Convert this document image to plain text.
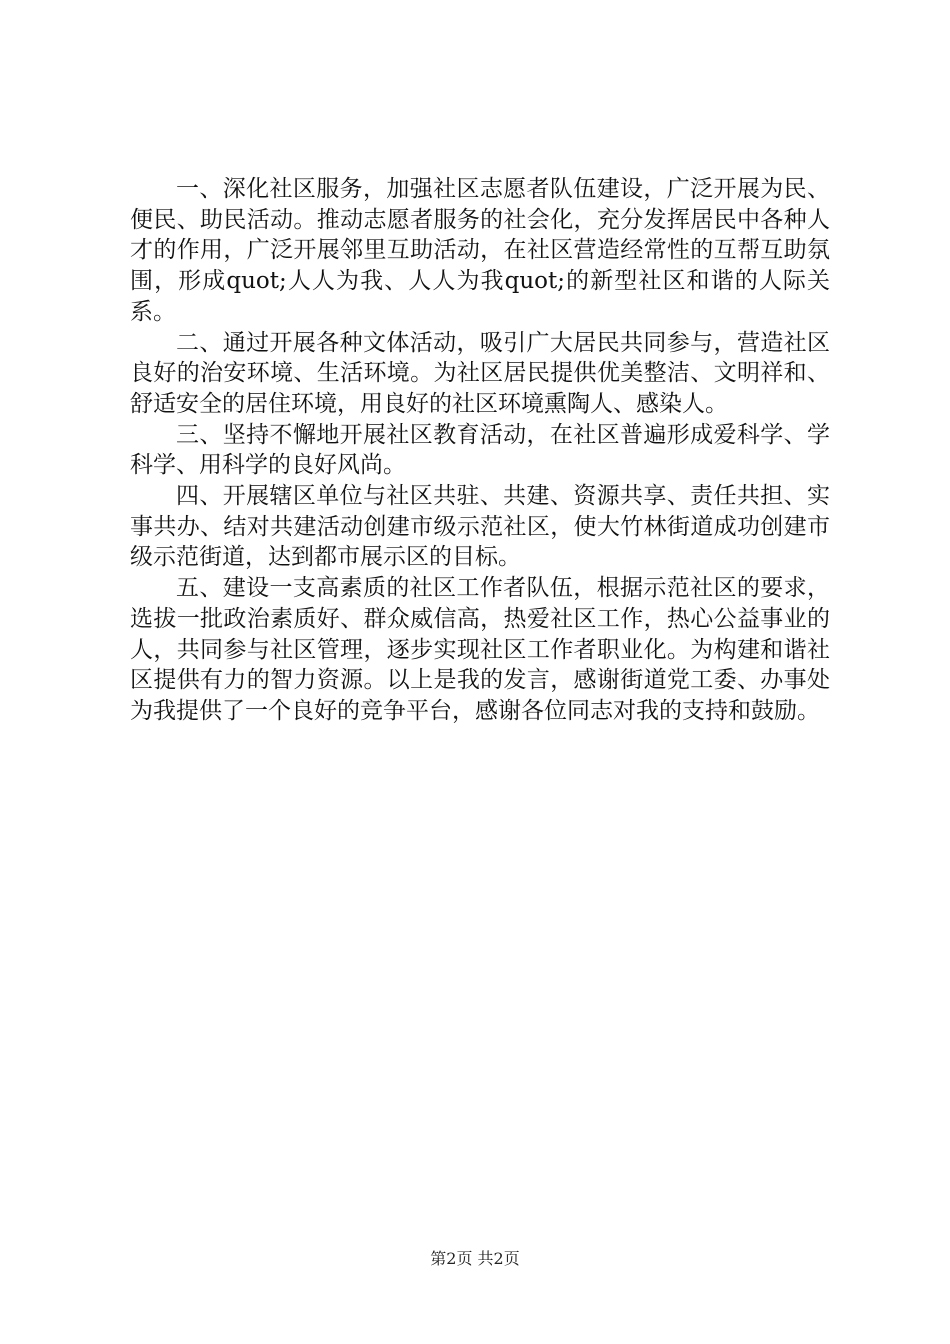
一、深化社区服务，加强社区志愿者队伍建设，广泛开展为民、便民、助民活动。推动志愿者服务的社会化，充分发挥居民中各种人才的作用，广泛开展邻里互助活动，在社区营造经常性的互帮互助氛围，形成quot;人人为我、人人为我quot;的新型社区和谐的人际关系。

二、通过开展各种文体活动，吸引广大居民共同参与，营造社区良好的治安环境、生活环境。为社区居民提供优美整洁、文明祥和、舒适安全的居住环境，用良好的社区环境熏陶人、感染人。

三、坚持不懈地开展社区教育活动，在社区普遍形成爱科学、学科学、用科学的良好风尚。

四、开展辖区单位与社区共驻、共建、资源共享、责任共担、实事共办、结对共建活动创建市级示范社区，使大竹林街道成功创建市级示范街道，达到都市展示区的目标。

五、建设一支高素质的社区工作者队伍，根据示范社区的要求，选拔一批政治素质好、群众威信高，热爱社区工作，热心公益事业的人，共同参与社区管理，逐步实现社区工作者职业化。为构建和谐社区提供有力的智力资源。以上是我的发言，感谢街道党工委、办事处为我提供了一个良好的竞争平台，感谢各位同志对我的支持和鼓励。

第2页 共2页
